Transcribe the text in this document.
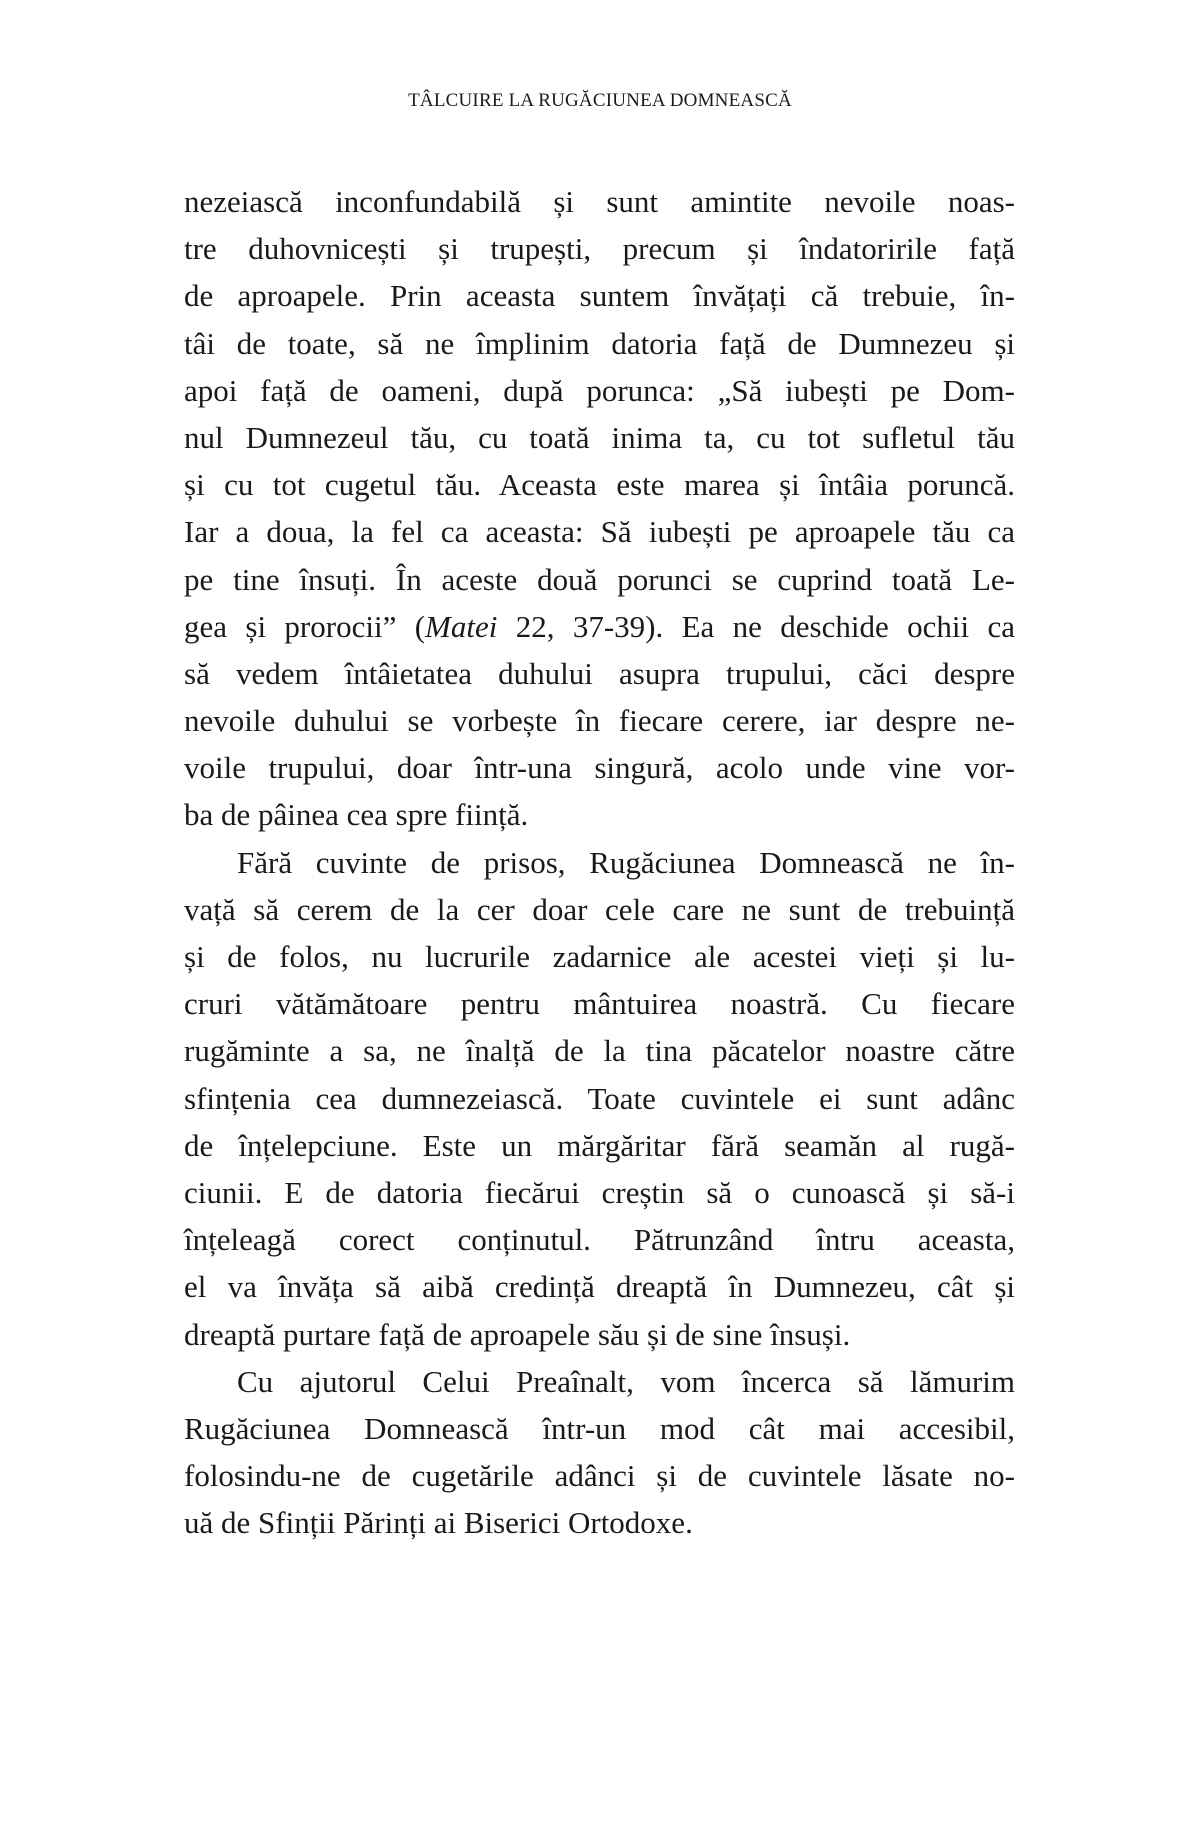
TÂLCUIRE LA RUGĂCIUNEA DOMNEASCĂ
nezeiască inconfundabilă și sunt amintite nevoile noas-
tre duhovnicești și trupești, precum și îndatoririle față
de aproapele. Prin aceasta suntem învățați că trebuie, în-
tâi de toate, să ne împlinim datoria față de Dumnezeu și
apoi față de oameni, după porunca: „Să iubești pe Dom-
nul Dumnezeul tău, cu toată inima ta, cu tot sufletul tău
și cu tot cugetul tău. Aceasta este marea și întâia poruncă.
Iar a doua, la fel ca aceasta: Să iubești pe aproapele tău ca
pe tine însuți. În aceste două porunci se cuprind toată Le-
gea și prorocii” (Matei 22, 37-39). Ea ne deschide ochii ca
să vedem întâietatea duhului asupra trupului, căci despre
nevoile duhului se vorbește în fiecare cerere, iar despre ne-
voile trupului, doar într-una singură, acolo unde vine vor-
ba de pâinea cea spre ființă.
Fără cuvinte de prisos, Rugăciunea Domnească ne în-
vață să cerem de la cer doar cele care ne sunt de trebuință
și de folos, nu lucrurile zadarnice ale acestei vieți și lu-
cruri vătămătoare pentru mântuirea noastră. Cu fiecare
rugăminte a sa, ne înalță de la tina păcatelor noastre către
sfințenia cea dumnezeiască. Toate cuvintele ei sunt adânc
de înțelepciune. Este un mărgăritar fără seamăn al rugă-
ciunii. E de datoria fiecărui creștin să o cunoască și să-i
înțeleagă corect conținutul. Pătrunzând întru aceasta,
el va învăța să aibă credință dreaptă în Dumnezeu, cât și
dreaptă purtare față de aproapele său și de sine însuși.
Cu ajutorul Celui Preaînalt, vom încerca să lămurim
Rugăciunea Domnească într-un mod cât mai accesibil,
folosindu-ne de cugetările adânci și de cuvintele lăsate no-
uă de Sfinții Părinți ai Biserici Ortodoxe.
